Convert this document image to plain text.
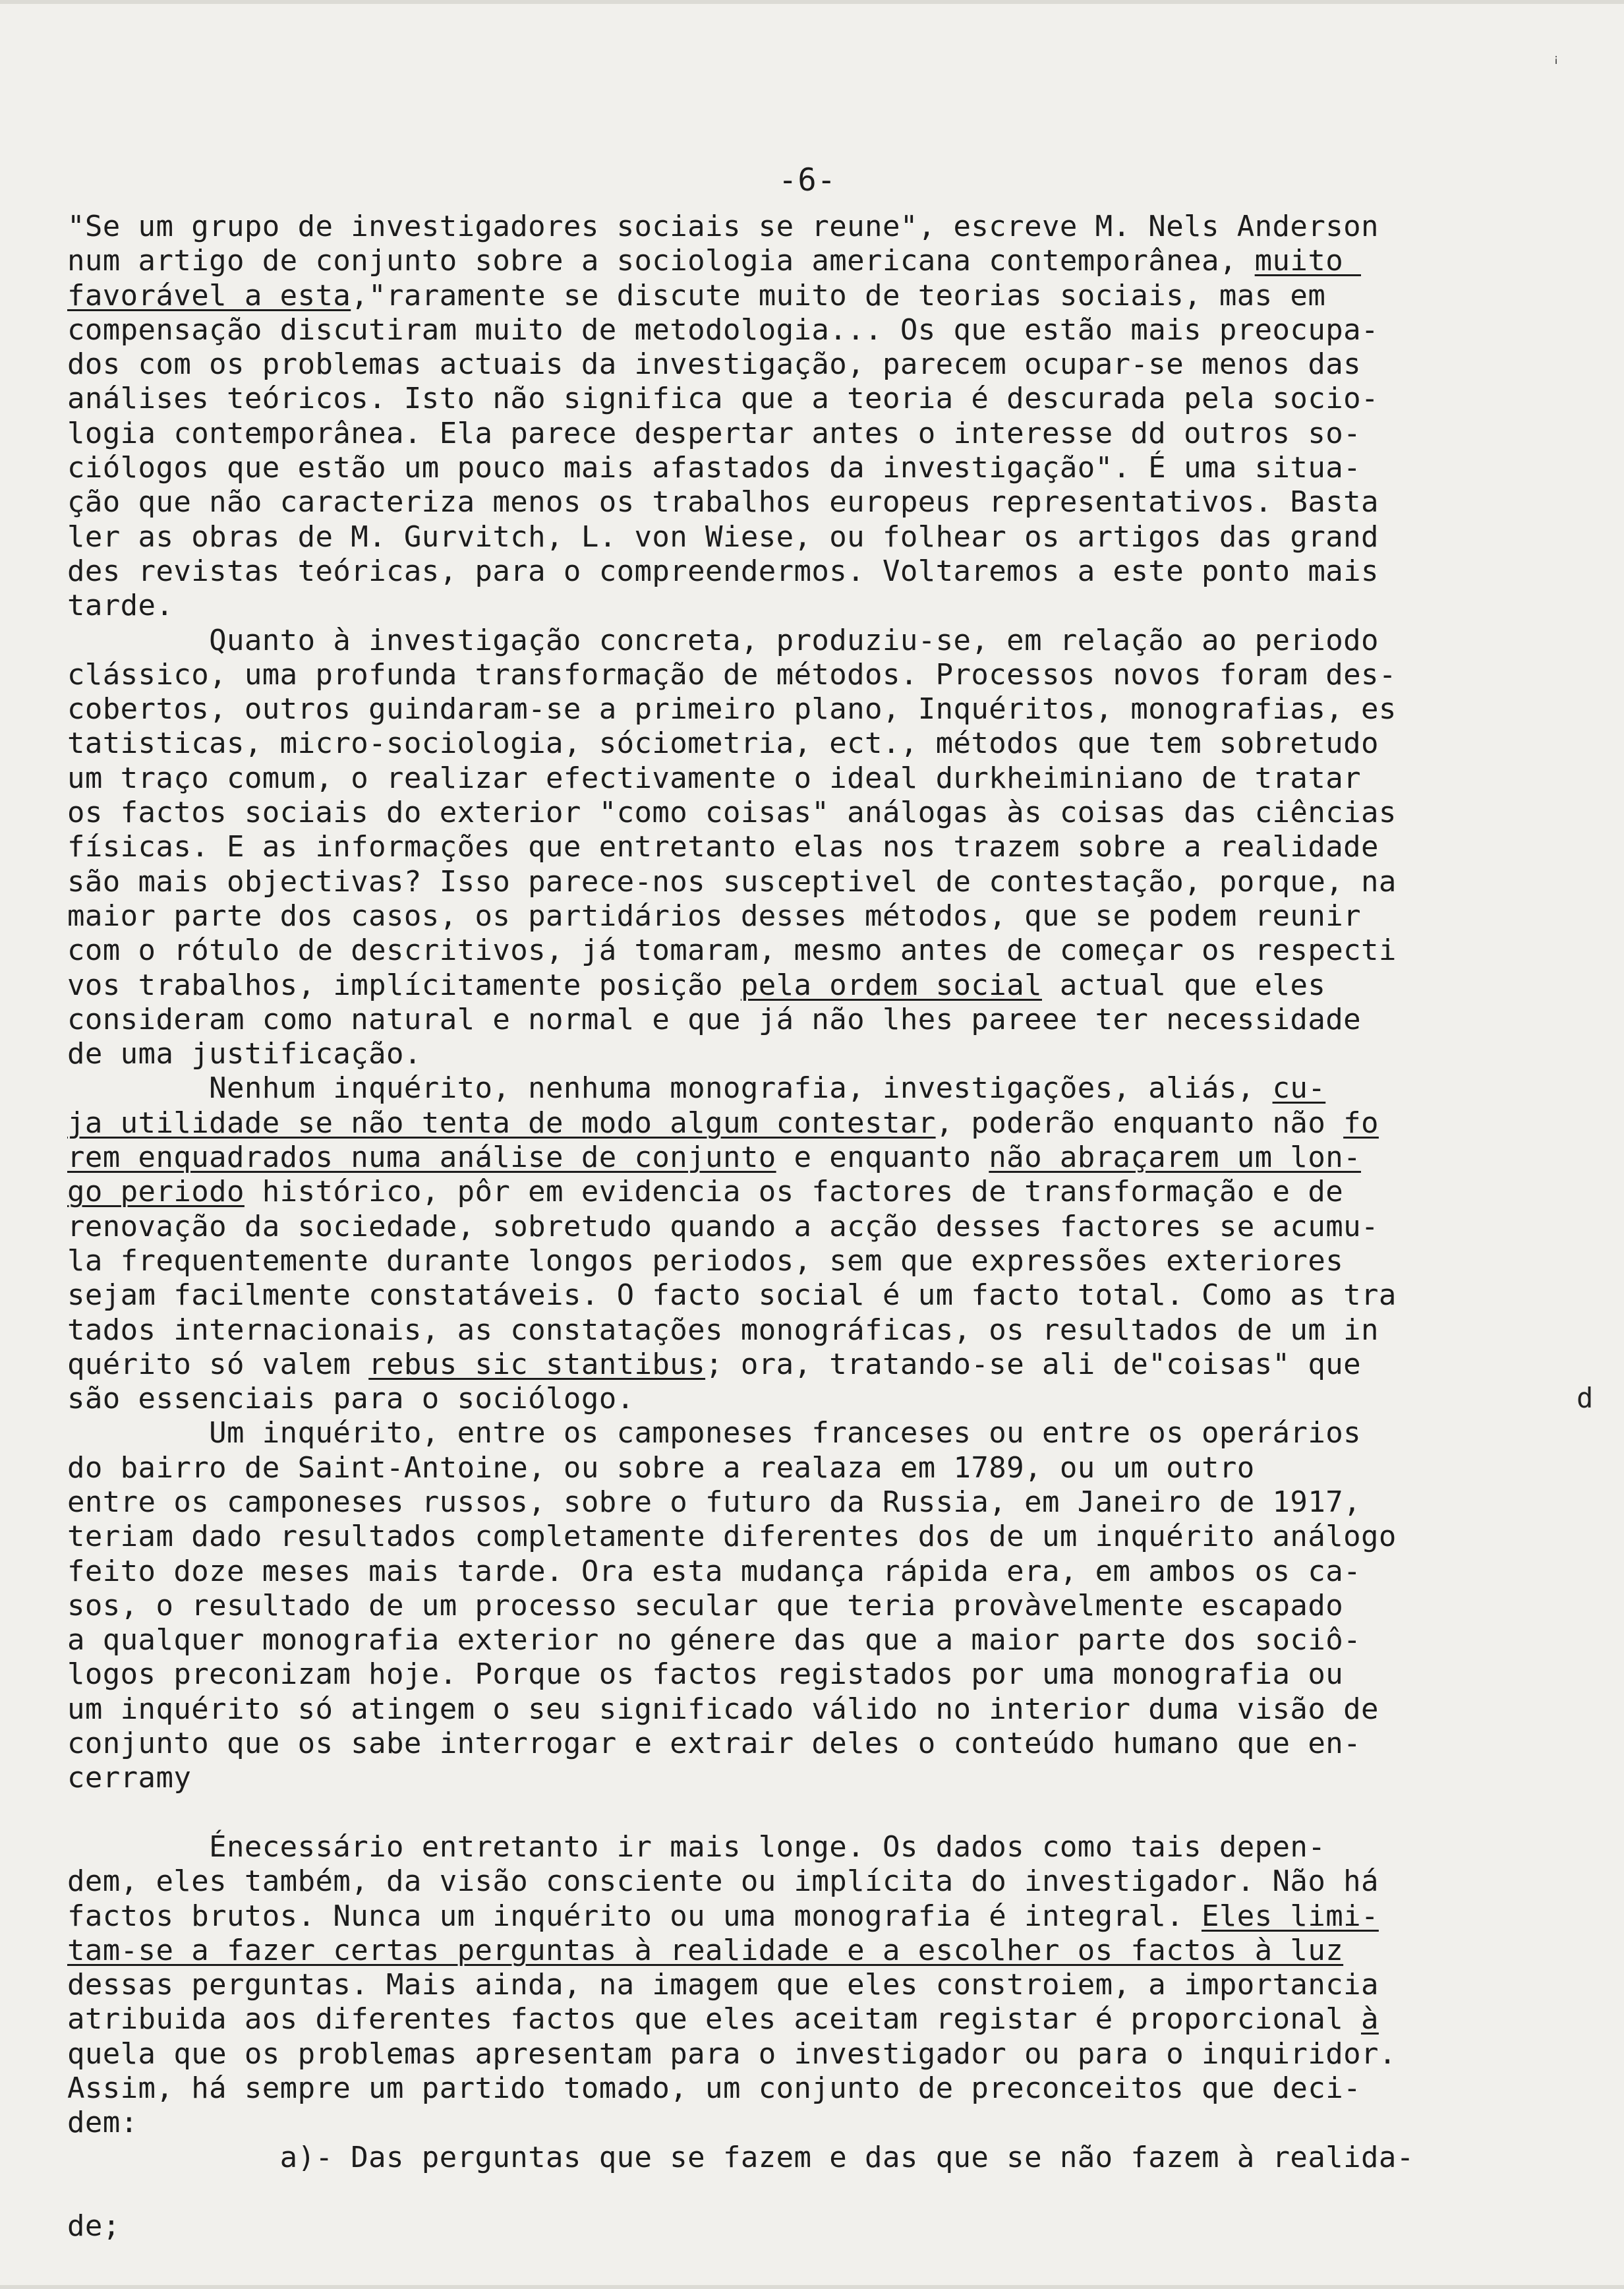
ꜟ
-6-
d
"Se um grupo de investigadores sociais se reune", escreve M. Nels Anderson
num artigo de conjunto sobre a sociologia americana contemporânea, muito
favorável a esta,"raramente se discute muito de teorias sociais, mas em
compensação discutiram muito de metodologia... Os que estão mais preocupa-
dos com os problemas actuais da investigação, parecem ocupar-se menos das
análises teóricos. Isto não significa que a teoria é descurada pela socio-
logia contemporânea. Ela parece despertar antes o interesse dd outros so-
ciólogos que estão um pouco mais afastados da investigação". É uma situa-
ção que não caracteriza menos os trabalhos europeus representativos. Basta
ler as obras de M. Gurvitch, L. von Wiese, ou folhear os artigos das grand
des revistas teóricas, para o compreendermos. Voltaremos a este ponto mais
tarde.
Quanto à investigação concreta, produziu-se, em relação ao periodo
clássico, uma profunda transformação de métodos. Processos novos foram des-
cobertos, outros guindaram-se a primeiro plano, Inquéritos, monografias, es
tatisticas, micro-sociologia, sóciometria, ect., métodos que tem sobretudo
um traço comum, o realizar efectivamente o ideal durkheiminiano de tratar
os factos sociais do exterior "como coisas" análogas às coisas das ciências
físicas. E as informações que entretanto elas nos trazem sobre a realidade
são mais objectivas? Isso parece-nos susceptivel de contestação, porque, na
maior parte dos casos, os partidários desses métodos, que se podem reunir
com o rótulo de descritivos, já tomaram, mesmo antes de começar os respecti
vos trabalhos, implícitamente posição pela ordem social actual que eles
consideram como natural e normal e que já não lhes pareee ter necessidade
de uma justificação.
Nenhum inquérito, nenhuma monografia, investigações, aliás, cu-
ja utilidade se não tenta de modo algum contestar, poderão enquanto não fo
rem enquadrados numa análise de conjunto e enquanto não abraçarem um lon-
go periodo histórico, pôr em evidencia os factores de transformação e de
renovação da sociedade, sobretudo quando a acção desses factores se acumu-
la frequentemente durante longos periodos, sem que expressões exteriores
sejam facilmente constatáveis. O facto social é um facto total. Como as tra
tados internacionais, as constatações monográficas, os resultados de um in
quérito só valem rebus sic stantibus; ora, tratando-se ali de"coisas" que
são essenciais para o sociólogo.
Um inquérito, entre os camponeses franceses ou entre os operários
do bairro de Saint-Antoine, ou sobre a realaza em 1789, ou um outro
entre os camponeses russos, sobre o futuro da Russia, em Janeiro de 1917,
teriam dado resultados completamente diferentes dos de um inquérito análogo
feito doze meses mais tarde. Ora esta mudança rápida era, em ambos os ca-
sos, o resultado de um processo secular que teria provàvelmente escapado
a qualquer monografia exterior no génere das que a maior parte dos sociô-
logos preconizam hoje. Porque os factos registados por uma monografia ou
um inquérito só atingem o seu significado válido no interior duma visão de
conjunto que os sabe interrogar e extrair deles o conteúdo humano que en-
cerramy
Énecessário entretanto ir mais longe. Os dados como tais depen-
dem, eles também, da visão consciente ou implícita do investigador. Não há
factos brutos. Nunca um inquérito ou uma monografia é integral. Eles limi-
tam-se a fazer certas perguntas à realidade e a escolher os factos à luz
dessas perguntas. Mais ainda, na imagem que eles constroiem, a importancia
atribuida aos diferentes factos que eles aceitam registar é proporcional à
quela que os problemas apresentam para o investigador ou para o inquiridor.
Assim, há sempre um partido tomado, um conjunto de preconceitos que deci-
dem:
a)- Das perguntas que se fazem e das que se não fazem à realida-
de;
